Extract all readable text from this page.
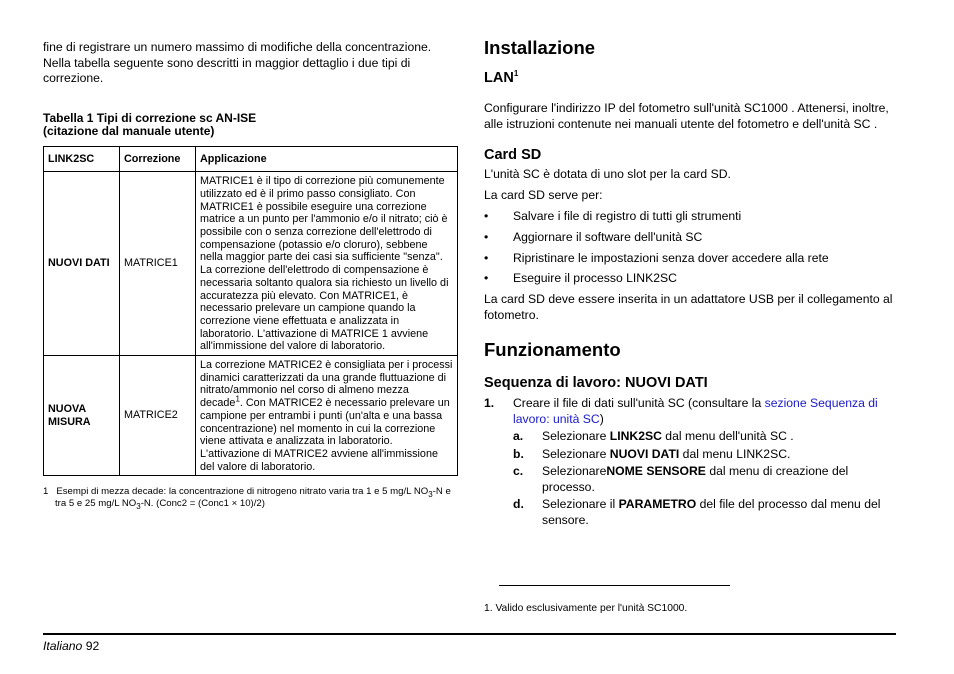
fine di registrare un numero massimo di modifiche della concentrazione. Nella tabella seguente sono descritti in maggior dettaglio i due tipi di correzione.

Tabella 1 Tipi di correzione sc AN-ISE
(citazione dal manuale utente)
LINK2SC	Correzione	Applicazione
NUOVI DATI	MATRICE1	MATRICE1 è il tipo di correzione più comunemente utilizzato ed è il primo passo consigliato. Con MATRICE1 è possibile eseguire una correzione matrice a un punto per l'ammonio e/o il nitrato; ciò è possibile con o senza correzione dell'elettrodo di compensazione (potassio e/o cloruro), sebbene nella maggior parte dei casi sia sufficiente "senza". La correzione dell'elettrodo di compensazione è necessaria soltanto qualora sia richiesto un livello di accuratezza più elevato. Con MATRICE1, è necessario prelevare un campione quando la correzione viene effettuata e analizzata in laboratorio. L'attivazione di MATRICE 1 avviene all'immissione del valore di laboratorio.
NUOVA MISURA	MATRICE2	La correzione MATRICE2 è consigliata per i processi dinamici caratterizzati da una grande fluttuazione di nitrato/ammonio nel corso di almeno mezza decade$^1$. Con MATRICE2 è necessario prelevare un campione per entrambi i punti (un'alta e una bassa concentrazione) nel momento in cui la correzione viene attivata e analizzata in laboratorio. L'attivazione di MATRICE2 avviene all'immissione del valore di laboratorio.
1 Esempi di mezza decade: la concentrazione di nitrogeno nitrato varia tra 1 e 5 mg/L $NO_3-N$ e tra 5 e 25 mg/L $NO_3-N$. (Conc2 = (Conc1 × 10)/2)
Installazione
LAN$^1$

Configurare l'indirizzo IP del fotometro sull'unità SC1000 . Attenersi, inoltre, alle istruzioni contenute nei manuali utente del fotometro e dell'unità SC .

Card SD

L'unità SC è dotata di uno slot per la card SD.

La card SD serve per:

• Salvare i file di registro di tutti gli strumenti
• Aggiornare il software dell'unità SC
• Ripristinare le impostazioni senza dover accedere alla rete
• Eseguire il processo LINK2SC

La card SD deve essere inserita in un adattatore USB per il collegamento al fotometro.

Funzionamento
Sequenza di lavoro: NUOVI DATI
1. Creare il file di dati sull'unità SC (consultare la sezione Sequenza di lavoro: unità SC)
a. Selezionare LINK2SC dal menu dell'unità SC .
b. Selezionare NUOVI DATI dal menu LINK2SC.
c. SelezionareNOME SENSORE dal menu di creazione del processo.
d. Selezionare il PARAMETRO del file del processo dal menu del sensore.
1. Valido esclusivamente per l'unità SC1000.
Italiano 92
